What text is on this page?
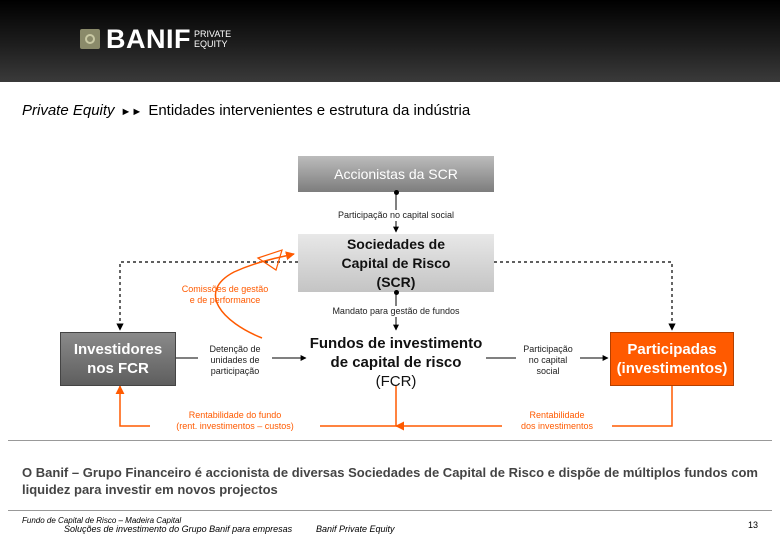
BANIF PRIVATE
EQUITY
Private Equity ►► Entidades intervenientes e estrutura da indústria
Accionistas da SCR
Sociedades de
Capital de Risco
(SCR)
Investidores
nos FCR
Fundos de investimento
de capital de risco
(FCR)
Participadas
(investimentos)
Participação no capital social
Comissões de gestão
e de performance
Mandato para gestão de fundos
Detenção de
unidades de
participação
Participação
no capital
social
Rentabilidade do fundo
(rent. investimentos – custos)
Rentabilidade
dos investimentos
O Banif – Grupo Financeiro é accionista de diversas Sociedades de Capital de Risco e dispõe de múltiplos fundos com liquidez para investir em novos projectos
Fundo de Capital de Risco – Madeira Capital
Soluções de investimento do Grupo Banif para empresas	Banif Private Equity	13
